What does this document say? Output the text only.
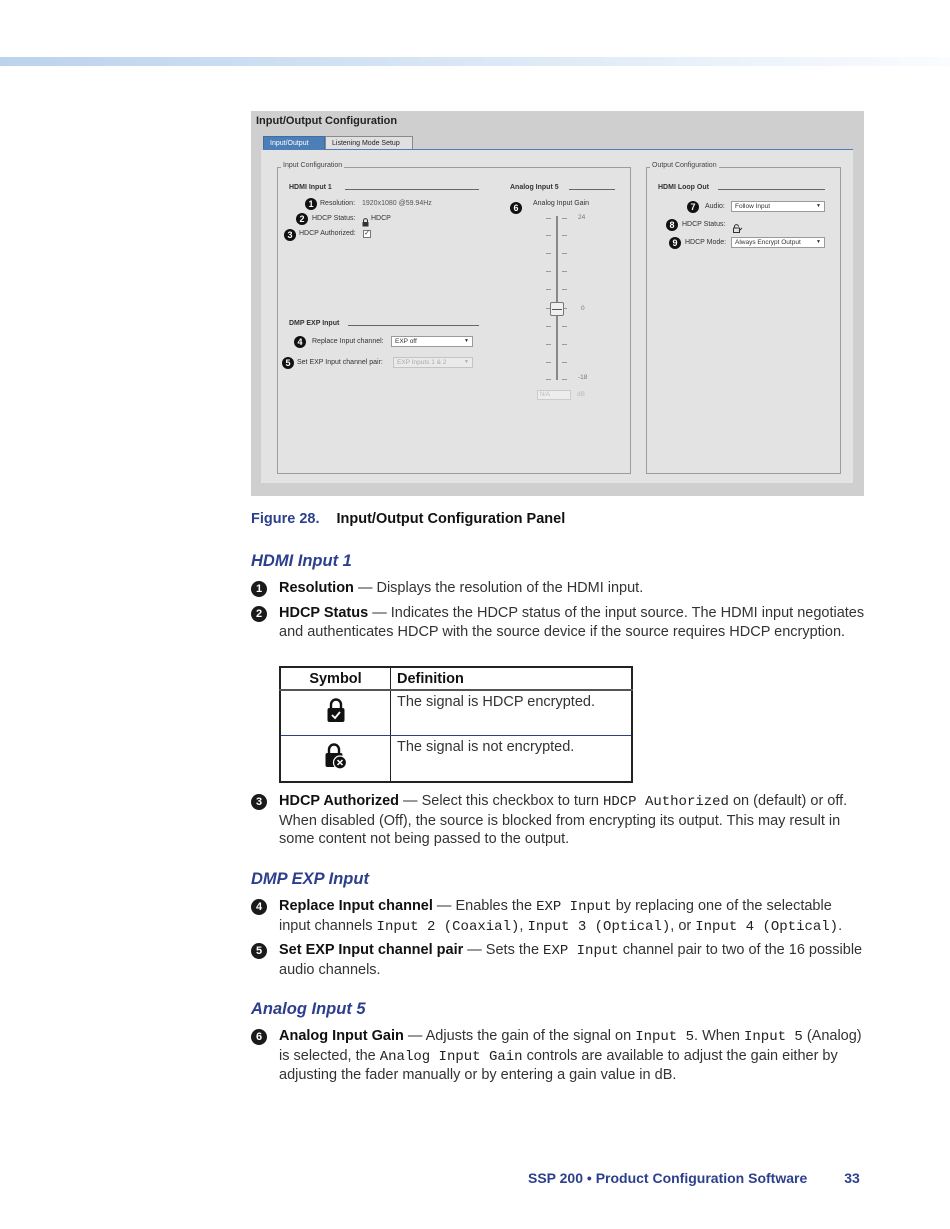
Input/Output Configuration
Input/Output	Listening Mode Setup
Input Configuration
HDMI Input 1
1 Resolution: 1920x1080 @59.94Hz
2	HDCP Status: HDCP
3 HDCP Authorized: ✓
DMP EXP Input
4	Replace Input channel:	EXP off	▼
5 Set EXP Input channel pair:	EXP Inputs 1 & 2	▼
Analog Input 5
6	Analog Input Gain
24
0
-18
N/A	dB
Output Configuration
HDMI Loop Out
7	Audio:	Follow Input	▼
8	HDCP Status:
9	HDCP Mode:	Always Encrypt Output	▼
Figure 28. Input/Output Configuration Panel
HDMI Input 1
1	Resolution — Displays the resolution of the HDMI input.
2	HDCP Status — Indicates the HDCP status of the input source. The HDMI input negotiates and authenticates HDCP with the source device if the source requires HDCP encryption.
Symbol	Definition
	The signal is HDCP encrypted.
	The signal is not encrypted.
3	HDCP Authorized — Select this checkbox to turn HDCP Authorized on (default) or off. When disabled (Off), the source is blocked from encrypting its output. This may result in some content not being passed to the output.
DMP EXP Input
4	Replace Input channel — Enables the EXP Input by replacing one of the selectable input channels Input 2 (Coaxial), Input 3 (Optical), or Input 4 (Optical).
5	Set EXP Input channel pair — Sets the EXP Input channel pair to two of the 16 possible audio channels.
Analog Input 5
6	Analog Input Gain — Adjusts the gain of the signal on Input 5. When Input 5 (Analog) is selected, the Analog Input Gain controls are available to adjust the gain either by adjusting the fader manually or by entering a gain value in dB.
SSP 200 • Product Configuration Software	33
